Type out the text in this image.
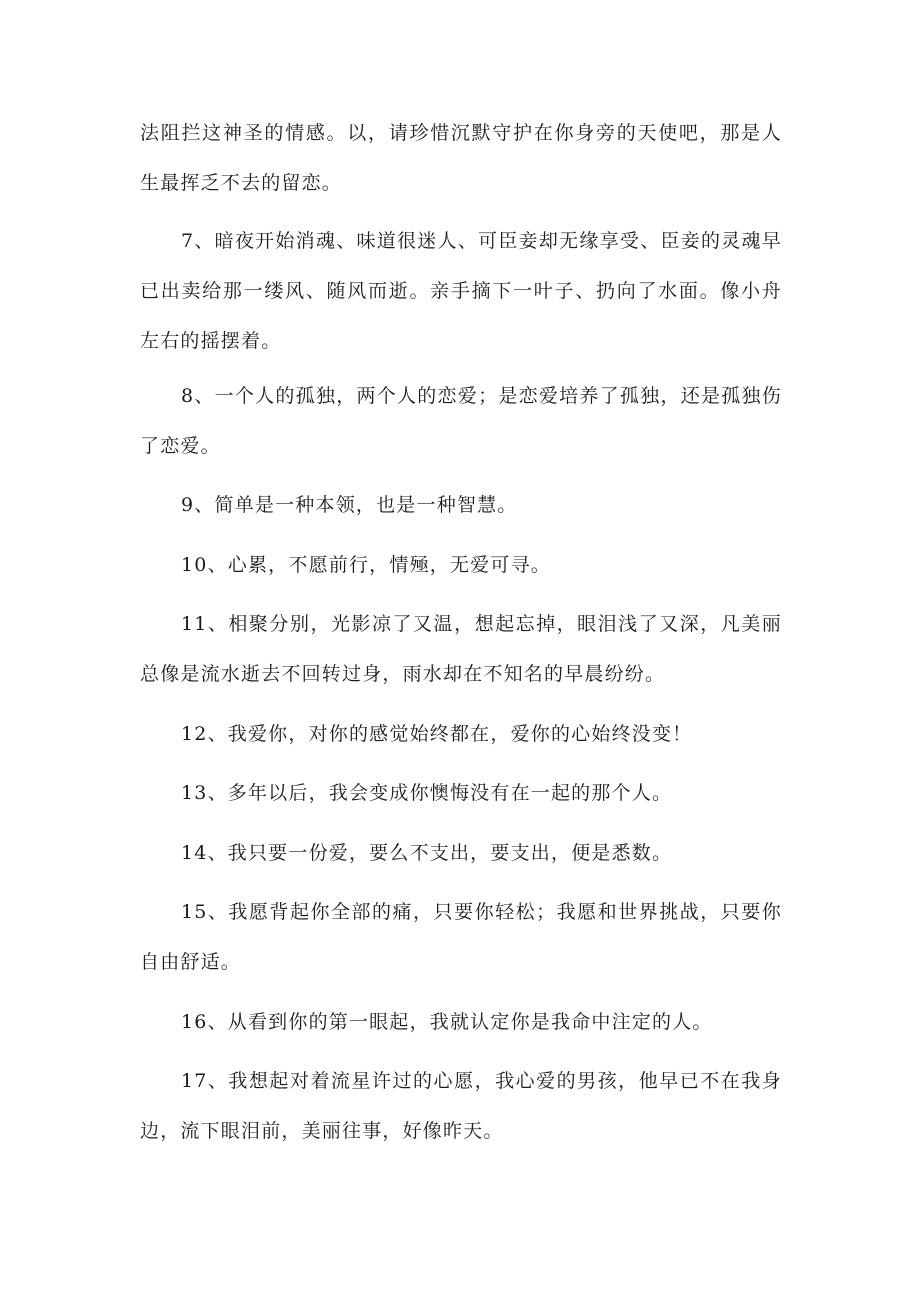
法阻拦这神圣的情感。以，请珍惜沉默守护在你身旁的天使吧，那是人生最挥乏不去的留恋。

7、暗夜开始消魂、味道很迷人、可臣妾却无缘享受、臣妾的灵魂早已出卖给那一缕风、随风而逝。亲手摘下一叶子、扔向了水面。像小舟左右的摇摆着。

8、一个人的孤独，两个人的恋爱；是恋爱培养了孤独，还是孤独伤了恋爱。

9、简单是一种本领，也是一种智慧。

10、心累，不愿前行，情殛，无爱可寻。

11、相聚分别，光影凉了又温，想起忘掉，眼泪浅了又深，凡美丽总像是流水逝去不回转过身，雨水却在不知名的早晨纷纷。

12、我爱你，对你的感觉始终都在，爱你的心始终没变！

13、多年以后，我会变成你懊悔没有在一起的那个人。

14、我只要一份爱，要么不支出，要支出，便是悉数。

15、我愿背起你全部的痛，只要你轻松；我愿和世界挑战，只要你自由舒适。

16、从看到你的第一眼起，我就认定你是我命中注定的人。

17、我想起对着流星许过的心愿，我心爱的男孩，他早已不在我身边，流下眼泪前，美丽往事，好像昨天。
